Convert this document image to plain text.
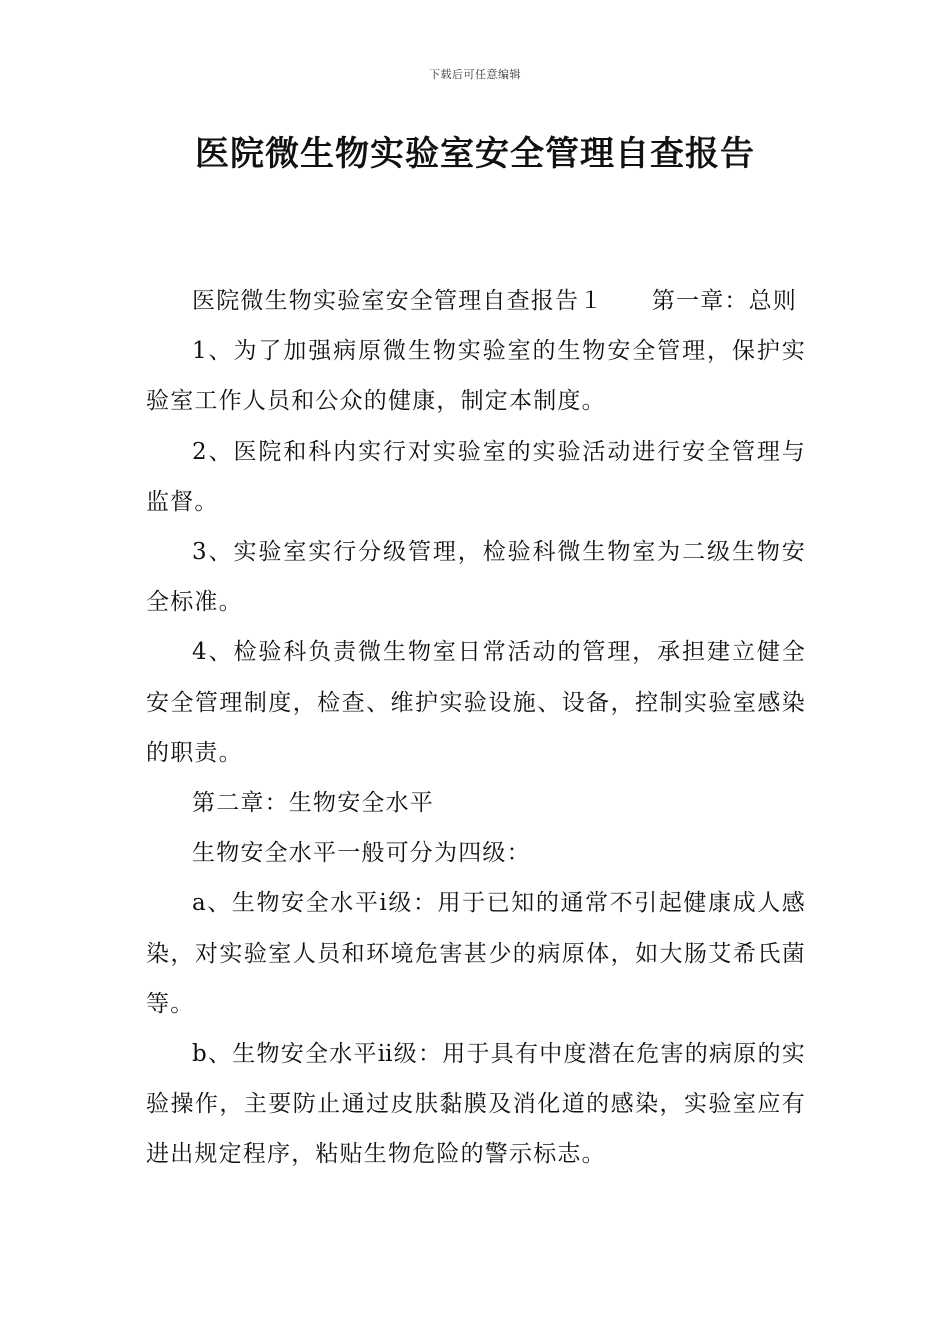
下载后可任意编辑
医院微生物实验室安全管理自查报告

医院微生物实验室安全管理自查报告１　　第一章：总则

1、为了加强病原微生物实验室的生物安全管理，保护实验室工作人员和公众的健康，制定本制度。

2、医院和科内实行对实验室的实验活动进行安全管理与监督。

3、实验室实行分级管理，检验科微生物室为二级生物安全标准。

4、检验科负责微生物室日常活动的管理，承担建立健全安全管理制度，检查、维护实验设施、设备，控制实验室感染的职责。

第二章：生物安全水平

生物安全水平一般可分为四级：

a、生物安全水平ⅰ级：用于已知的通常不引起健康成人感染，对实验室人员和环境危害甚少的病原体，如大肠艾希氏菌等。

b、生物安全水平ⅱ级：用于具有中度潜在危害的病原的实验操作，主要防止通过皮肤黏膜及消化道的感染，实验室应有进出规定程序，粘贴生物危险的警示标志。
